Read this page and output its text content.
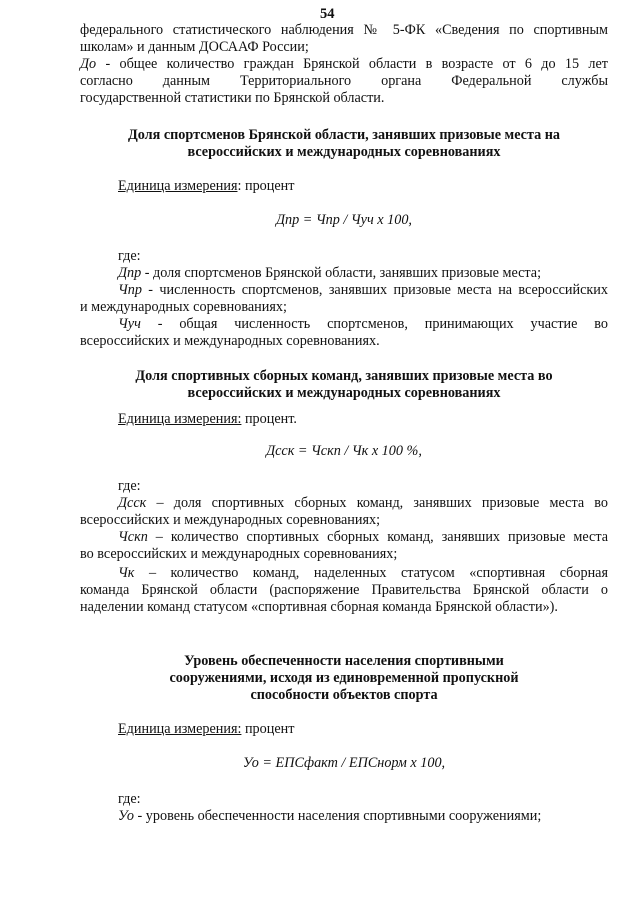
54
федерального статистического наблюдения № 5-ФК «Сведения по спортивным
школам» и данным ДОСААФ России;
До - общее количество граждан Брянской области в возрасте от 6 до 15 лет
согласно данным Территориального органа Федеральной службы
государственной статистики по Брянской области.
Доля спортсменов Брянской области, занявших призовые места на
всероссийских и международных соревнованиях
Единица измерения: процент
Дпр = Чпр / Чуч х 100,
где:
Дпр - доля спортсменов Брянской области, занявших призовые места;
Чпр - численность спортсменов, занявших призовые места на всероссийских
и международных соревнованиях;
Чуч - общая численность спортсменов, принимающих участие во
всероссийских и международных соревнованиях.
Доля спортивных сборных команд, занявших призовые места во
всероссийских и международных соревнованиях
Единица измерения: процент.
Дсск = Чскп / Чк х 100 %,
где:
Дсск – доля спортивных сборных команд, занявших призовые места во
всероссийских и международных соревнованиях;
Чскп – количество спортивных сборных команд, занявших призовые места
во всероссийских и международных соревнованиях;
Чк – количество команд, наделенных статусом «спортивная сборная
команда Брянской области (распоряжение Правительства Брянской области о
наделении команд статусом «спортивная сборная команда Брянской области»).
Уровень обеспеченности населения спортивными
сооружениями, исходя из единовременной пропускной
способности объектов спорта
Единица измерения: процент
Уо = ЕПСфакт / ЕПСнорм х 100,
где:
Уо - уровень обеспеченности населения спортивными сооружениями;
